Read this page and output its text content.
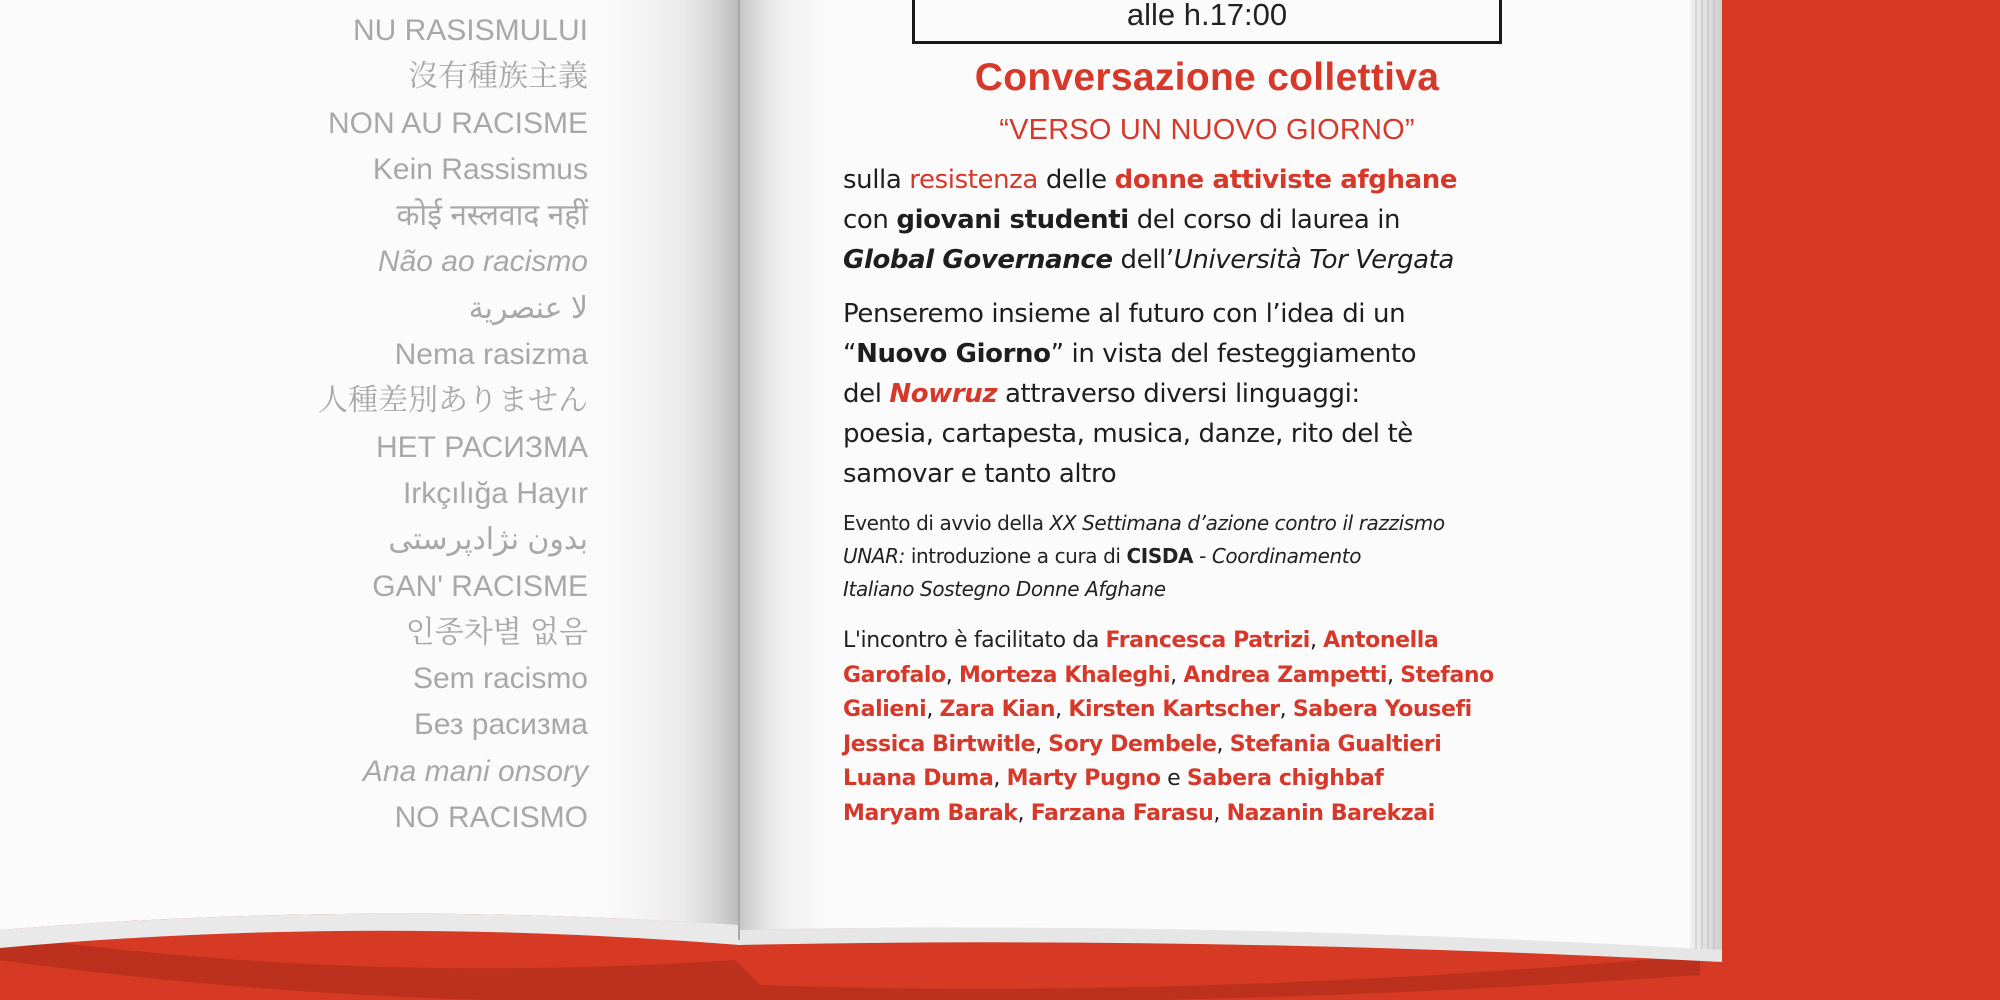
NU RASISMULUI
沒有種族主義
NON AU RACISME
Kein Rassismus
कोई नस्लवाद नहीं
Não ao racismo
لا عنصرية
Nema rasizma
人種差別ありません
НЕТ РАСИЗМА
Irkçılığa Hayır
بدون نژادپرستی
GAN' RACISME
인종차별 없음
Sem racismo
Без расизма
Ana mani onsory
NO RACISMO
alle h.17:00
Conversazione collettiva
“VERSO UN NUOVO GIORNO”

sulla resistenza delle donne attiviste afghane

con giovani studenti del corso di laurea in

Global Governance dell’Università Tor Vergata

Penseremo insieme al futuro con l’idea di un

“Nuovo Giorno” in vista del festeggiamento

del Nowruz attraverso diversi linguaggi:

poesia, cartapesta, musica, danze, rito del tè

samovar e tanto altro

Evento di avvio della XX Settimana d’azione contro il razzismo

UNAR: introduzione a cura di CISDA - Coordinamento

Italiano Sostegno Donne Afghane

L'incontro è facilitato da Francesca Patrizi, Antonella

Garofalo, Morteza Khaleghi, Andrea Zampetti, Stefano

Galieni, Zara Kian, Kirsten Kartscher, Sabera Yousefi

Jessica Birtwitle, Sory Dembele, Stefania Gualtieri

Luana Duma, Marty Pugno e Sabera chighbaf

Maryam Barak, Farzana Farasu, Nazanin Barekzai
